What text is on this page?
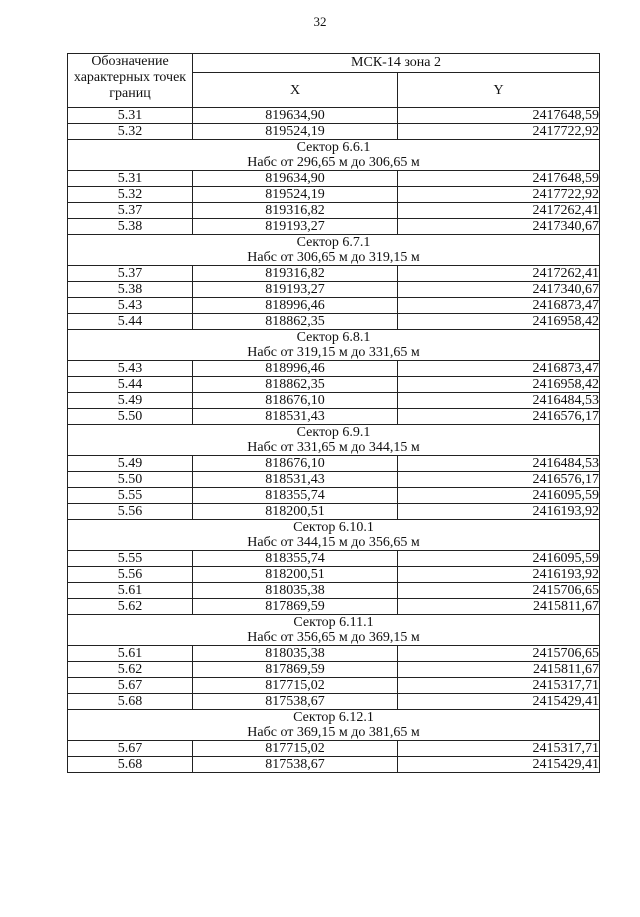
32
Обозначение характерных точек границ	МСК-14 зона 2	
	X	Y
5.31	819634,90	2417648,59
5.32	819524,19	2417722,92

Сектор 6.6.1
Нaбс от 296,65 м до 306,65 м		

5.31	819634,90	2417648,59
5.32	819524,19	2417722,92
5.37	819316,82	2417262,41
5.38	819193,27	2417340,67

Сектор 6.7.1
Нaбс от 306,65 м до 319,15 м		

5.37	819316,82	2417262,41
5.38	819193,27	2417340,67
5.43	818996,46	2416873,47
5.44	818862,35	2416958,42

Сектор 6.8.1
Нaбс от 319,15 м до 331,65 м		

5.43	818996,46	2416873,47
5.44	818862,35	2416958,42
5.49	818676,10	2416484,53
5.50	818531,43	2416576,17

Сектор 6.9.1
Нaбс от 331,65 м до 344,15 м		

5.49	818676,10	2416484,53
5.50	818531,43	2416576,17
5.55	818355,74	2416095,59
5.56	818200,51	2416193,92

Сектор 6.10.1
Нaбс от 344,15 м до 356,65 м		

5.55	818355,74	2416095,59
5.56	818200,51	2416193,92
5.61	818035,38	2415706,65
5.62	817869,59	2415811,67

Сектор 6.11.1
Нaбс от 356,65 м до 369,15 м		

5.61	818035,38	2415706,65
5.62	817869,59	2415811,67
5.67	817715,02	2415317,71
5.68	817538,67	2415429,41

Сектор 6.12.1
Нaбс от 369,15 м до 381,65 м		

5.67	817715,02	2415317,71
5.68	817538,67	2415429,41
